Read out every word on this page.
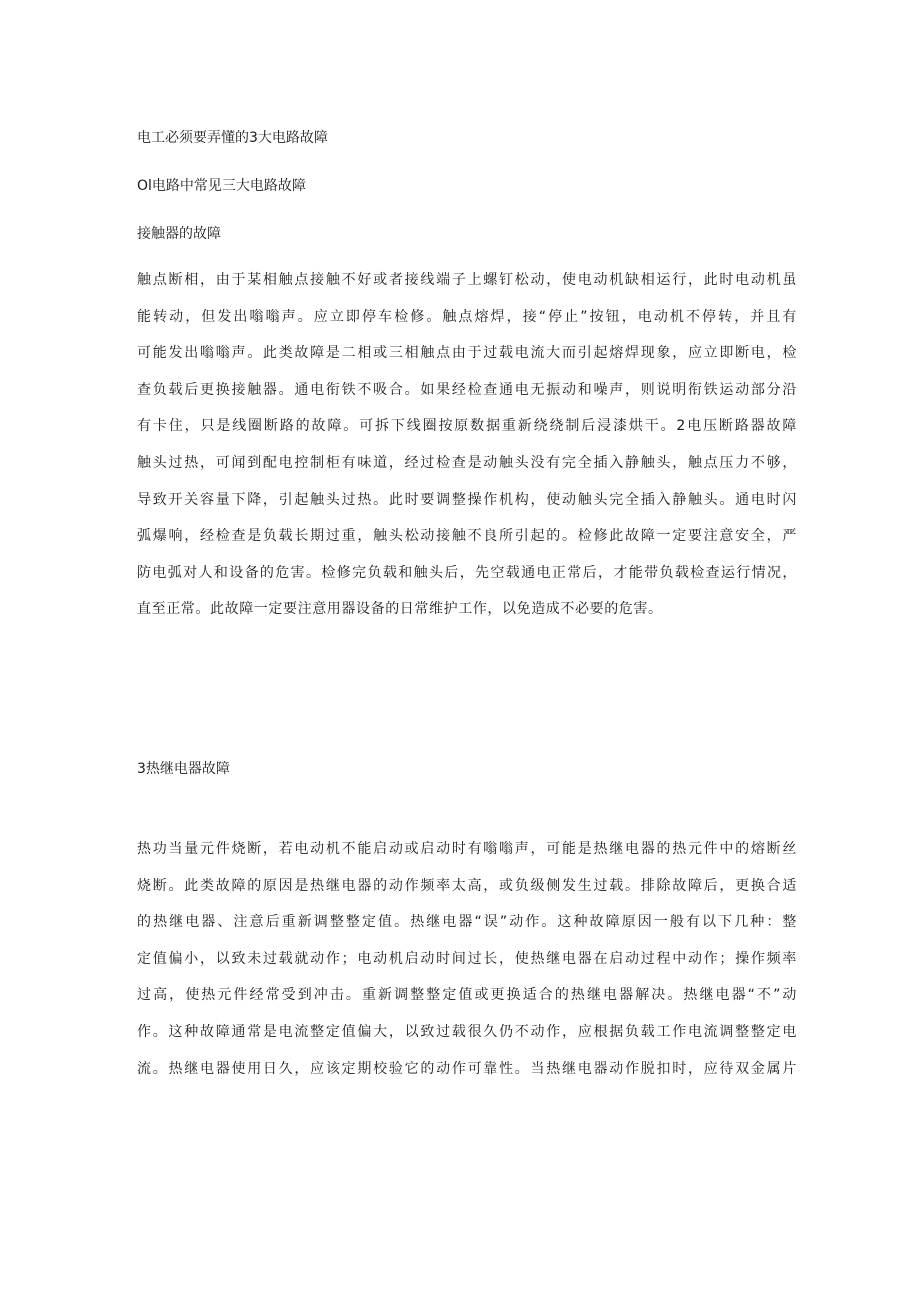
电工必须要弄懂的3大电路故障
Ol电路中常见三大电路故障
接触器的故障
触点断相，由于某相触点接触不好或者接线端子上螺钉松动，使电动机缺相运行，此时电动机虽
能转动，但发出嗡嗡声。应立即停车检修。触点熔焊，接“停止”按钮，电动机不停转，并且有
可能发出嗡嗡声。此类故障是二相或三相触点由于过载电流大而引起熔焊现象，应立即断电，检
查负载后更换接触器。通电衔铁不吸合。如果经检查通电无振动和噪声，则说明衔铁运动部分沿
有卡住，只是线圈断路的故障。可拆下线圈按原数据重新绕绕制后浸漆烘干。2电压断路器故障
触头过热，可闻到配电控制柜有味道，经过检查是动触头没有完全插入静触头，触点压力不够，
导致开关容量下降，引起触头过热。此时要调整操作机构，使动触头完全插入静触头。通电时闪
弧爆响，经检查是负载长期过重，触头松动接触不良所引起的。检修此故障一定要注意安全，严
防电弧对人和设备的危害。检修完负载和触头后，先空载通电正常后，才能带负载检查运行情况，
直至正常。此故障一定要注意用器设备的日常维护工作，以免造成不必要的危害。
3热继电器故障
热功当量元件烧断，若电动机不能启动或启动时有嗡嗡声，可能是热继电器的热元件中的熔断丝
烧断。此类故障的原因是热继电器的动作频率太高，或负级侧发生过载。排除故障后，更换合适
的热继电器、注意后重新调整整定值。热继电器“误”动作。这种故障原因一般有以下几种：整
定值偏小，以致未过载就动作；电动机启动时间过长，使热继电器在启动过程中动作；操作频率
过高，使热元件经常受到冲击。重新调整整定值或更换适合的热继电器解决。热继电器“不”动
作。这种故障通常是电流整定值偏大，以致过载很久仍不动作，应根据负载工作电流调整整定电
流。热继电器使用日久，应该定期校验它的动作可靠性。当热继电器动作脱扣时，应待双金属片
